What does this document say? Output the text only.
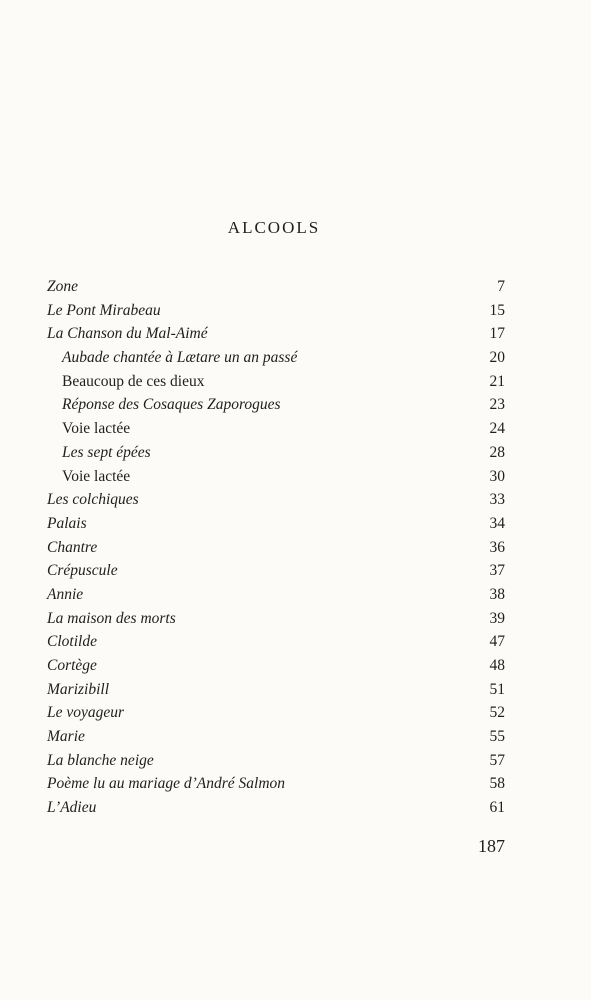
ALCOOLS
Zone	7
Le Pont Mirabeau	15
La Chanson du Mal-Aimé	17
Aubade chantée à Lætare un an passé	20
Beaucoup de ces dieux	21
Réponse des Cosaques Zaporogues	23
Voie lactée	24
Les sept épées	28
Voie lactée	30
Les colchiques	33
Palais	34
Chantre	36
Crépuscule	37
Annie	38
La maison des morts	39
Clotilde	47
Cortège	48
Marizibill	51
Le voyageur	52
Marie	55
La blanche neige	57
Poème lu au mariage d’André Salmon	58
L’Adieu	61
187
